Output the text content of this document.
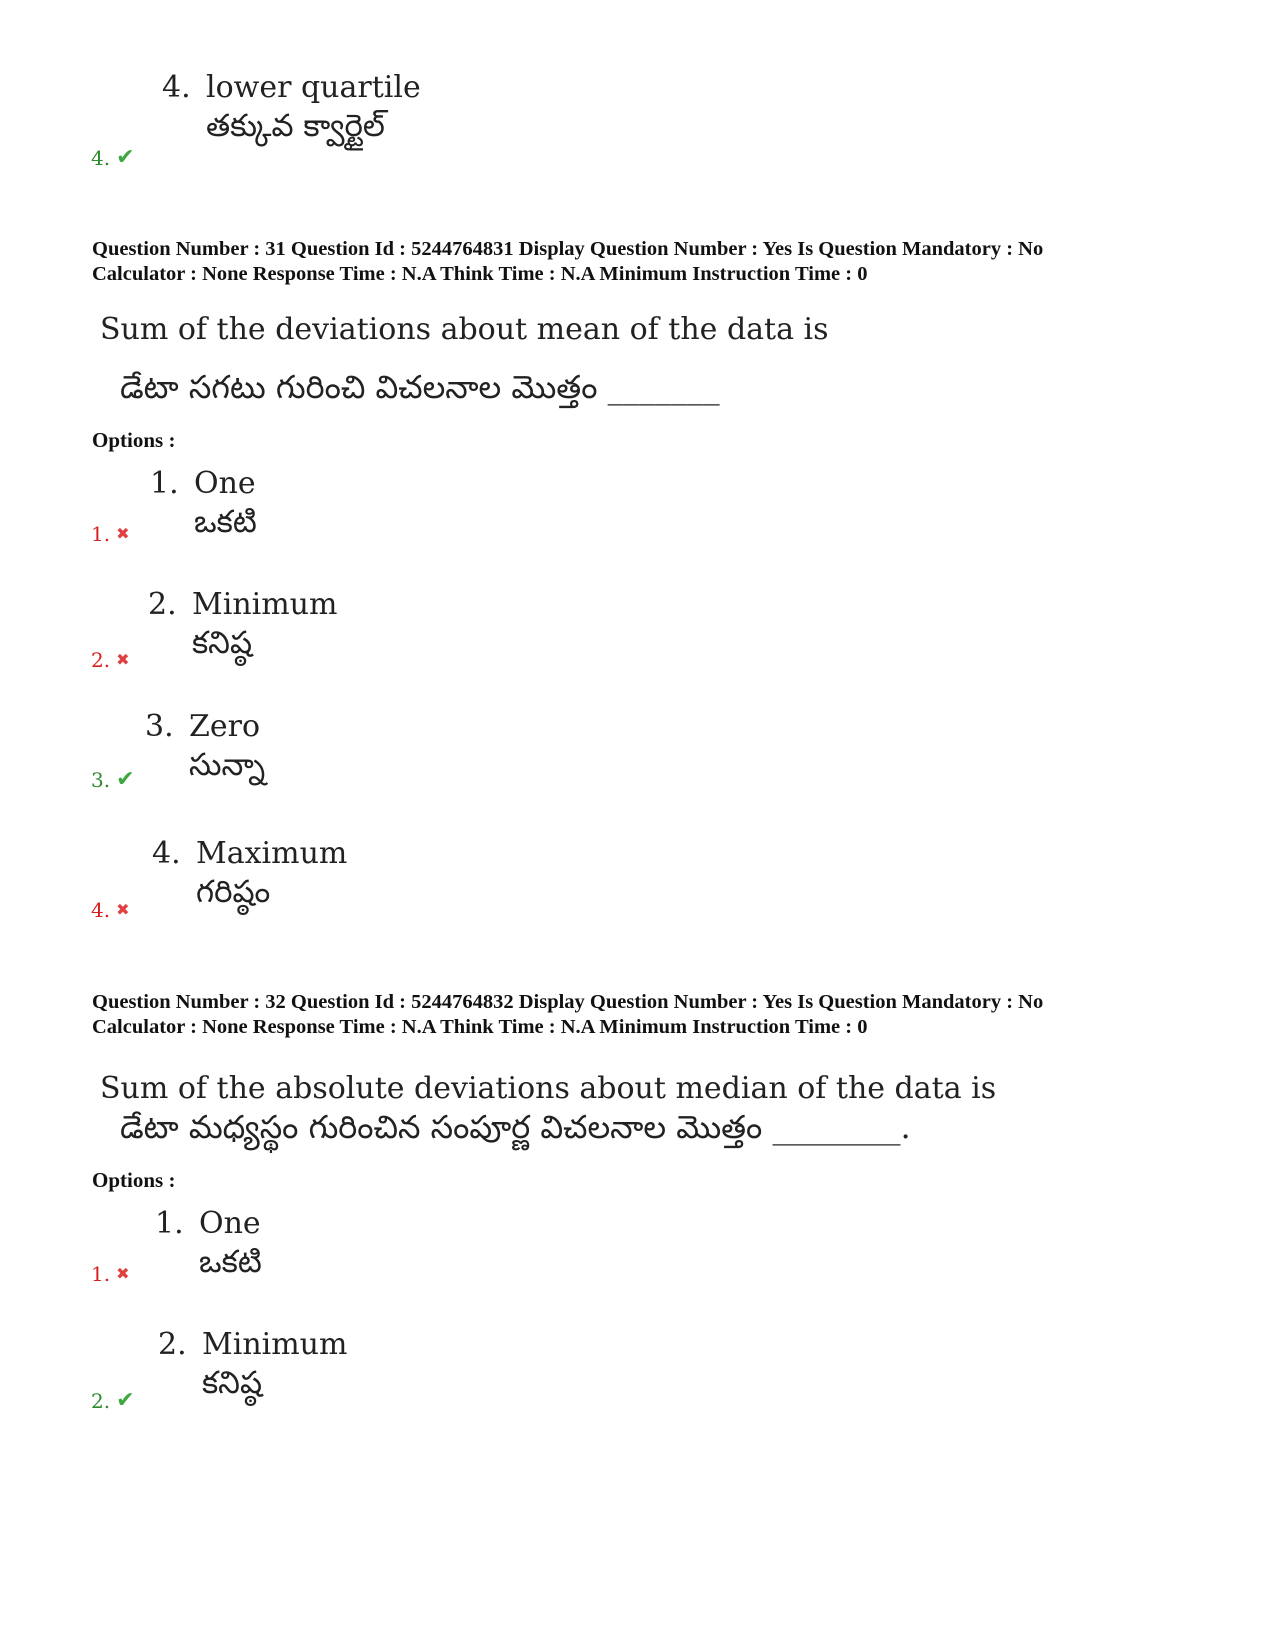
4. lower quartile
తక్కువ క్వార్టైల్
4. ✔
Question Number : 31 Question Id : 5244764831 Display Question Number : Yes Is Question Mandatory : No
Calculator : None Response Time : N.A Think Time : N.A Minimum Instruction Time : 0
Sum of the deviations about mean of the data is
డేటా సగటు గురించి విచలనాల మొత్తం _______
Options :
1. One
ఒకటి
1. ✖
2. Minimum
కనిష్ఠ
2. ✖
3. Zero
సున్నా
3. ✔
4. Maximum
గరిష్ఠం
4. ✖
Question Number : 32 Question Id : 5244764832 Display Question Number : Yes Is Question Mandatory : No
Calculator : None Response Time : N.A Think Time : N.A Minimum Instruction Time : 0
Sum of the absolute deviations about median of the data is
డేటా మధ్యస్థం గురించిన సంపూర్ణ విచలనాల మొత్తం ________.
Options :
1. One
ఒకటి
1. ✖
2. Minimum
కనిష్ఠ
2. ✔
